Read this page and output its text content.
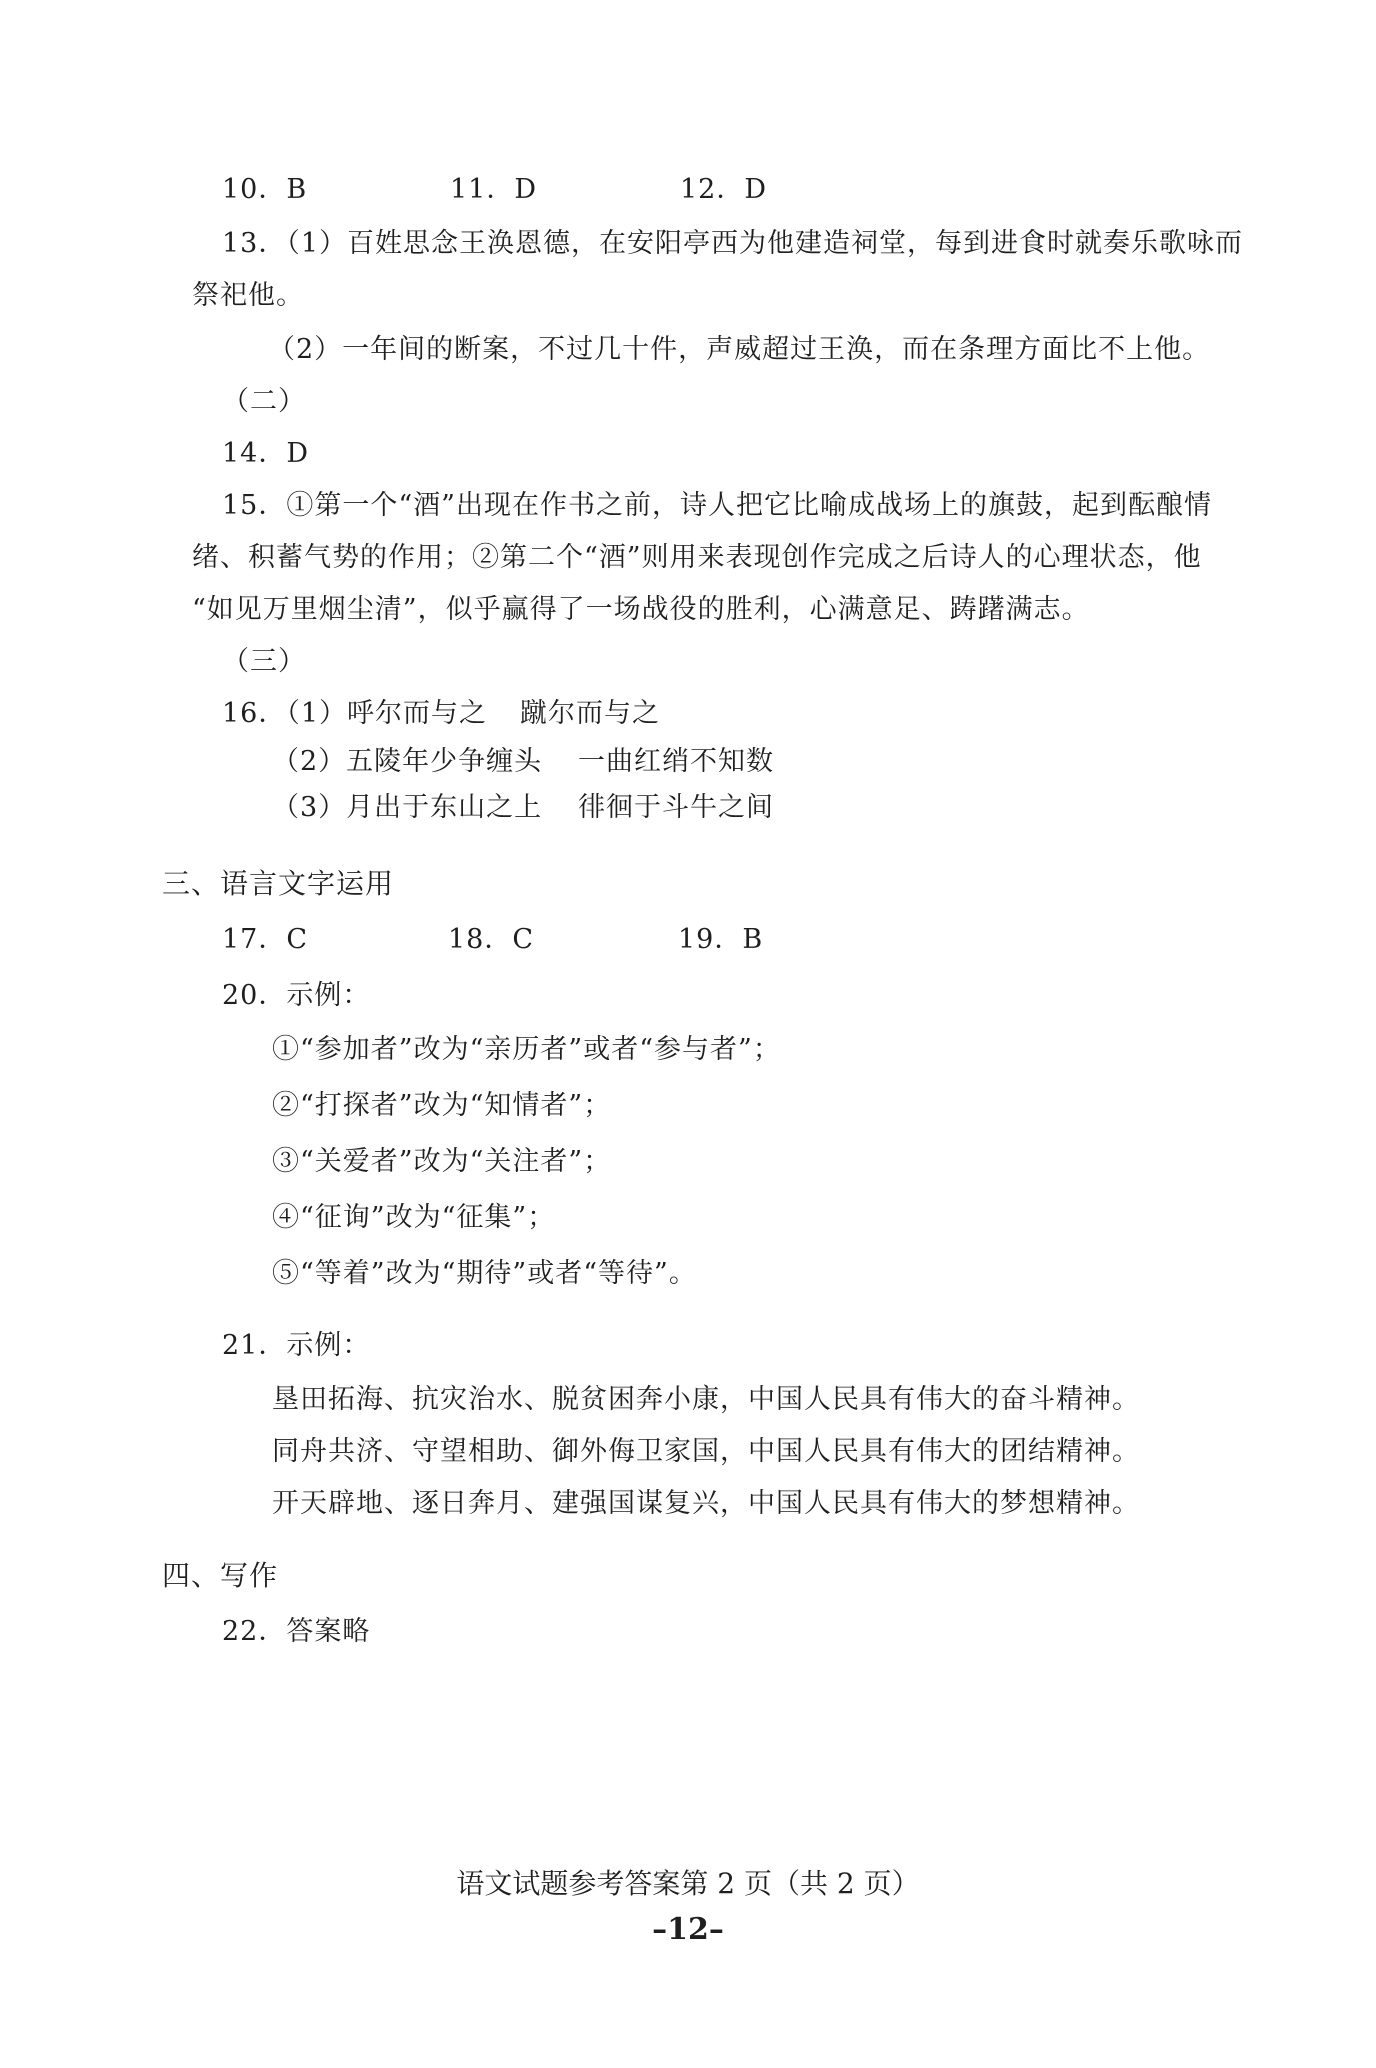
10．B	11．D	12．D
13．（1）百姓思念王涣恩德，在安阳亭西为他建造祠堂，每到进食时就奏乐歌咏而
祭祀他。
（2）一年间的断案，不过几十件，声威超过王涣，而在条理方面比不上他。
（二）
14．D
15．①第一个“酒”出现在作书之前，诗人把它比喻成战场上的旗鼓，起到酝酿情
绪、积蓄气势的作用；②第二个“酒”则用来表现创作完成之后诗人的心理状态，他
“如见万里烟尘清”，似乎赢得了一场战役的胜利，心满意足、踌躇满志。
（三）
16．（1）呼尔而与之 蹴尔而与之
（2）五陵年少争缠头 一曲红绡不知数
（3）月出于东山之上 徘徊于斗牛之间
三、语言文字运用
17．C	18．C	19．B
20．示例：
①“参加者”改为“亲历者”或者“参与者”；
②“打探者”改为“知情者”；
③“关爱者”改为“关注者”；
④“征询”改为“征集”；
⑤“等着”改为“期待”或者“等待”。
21．示例：
垦田拓海、抗灾治水、脱贫困奔小康，中国人民具有伟大的奋斗精神。
同舟共济、守望相助、御外侮卫家国，中国人民具有伟大的团结精神。
开天辟地、逐日奔月、建强国谋复兴，中国人民具有伟大的梦想精神。
四、写作
22．答案略
语文试题参考答案第 2 页（共 2 页）
–12–
